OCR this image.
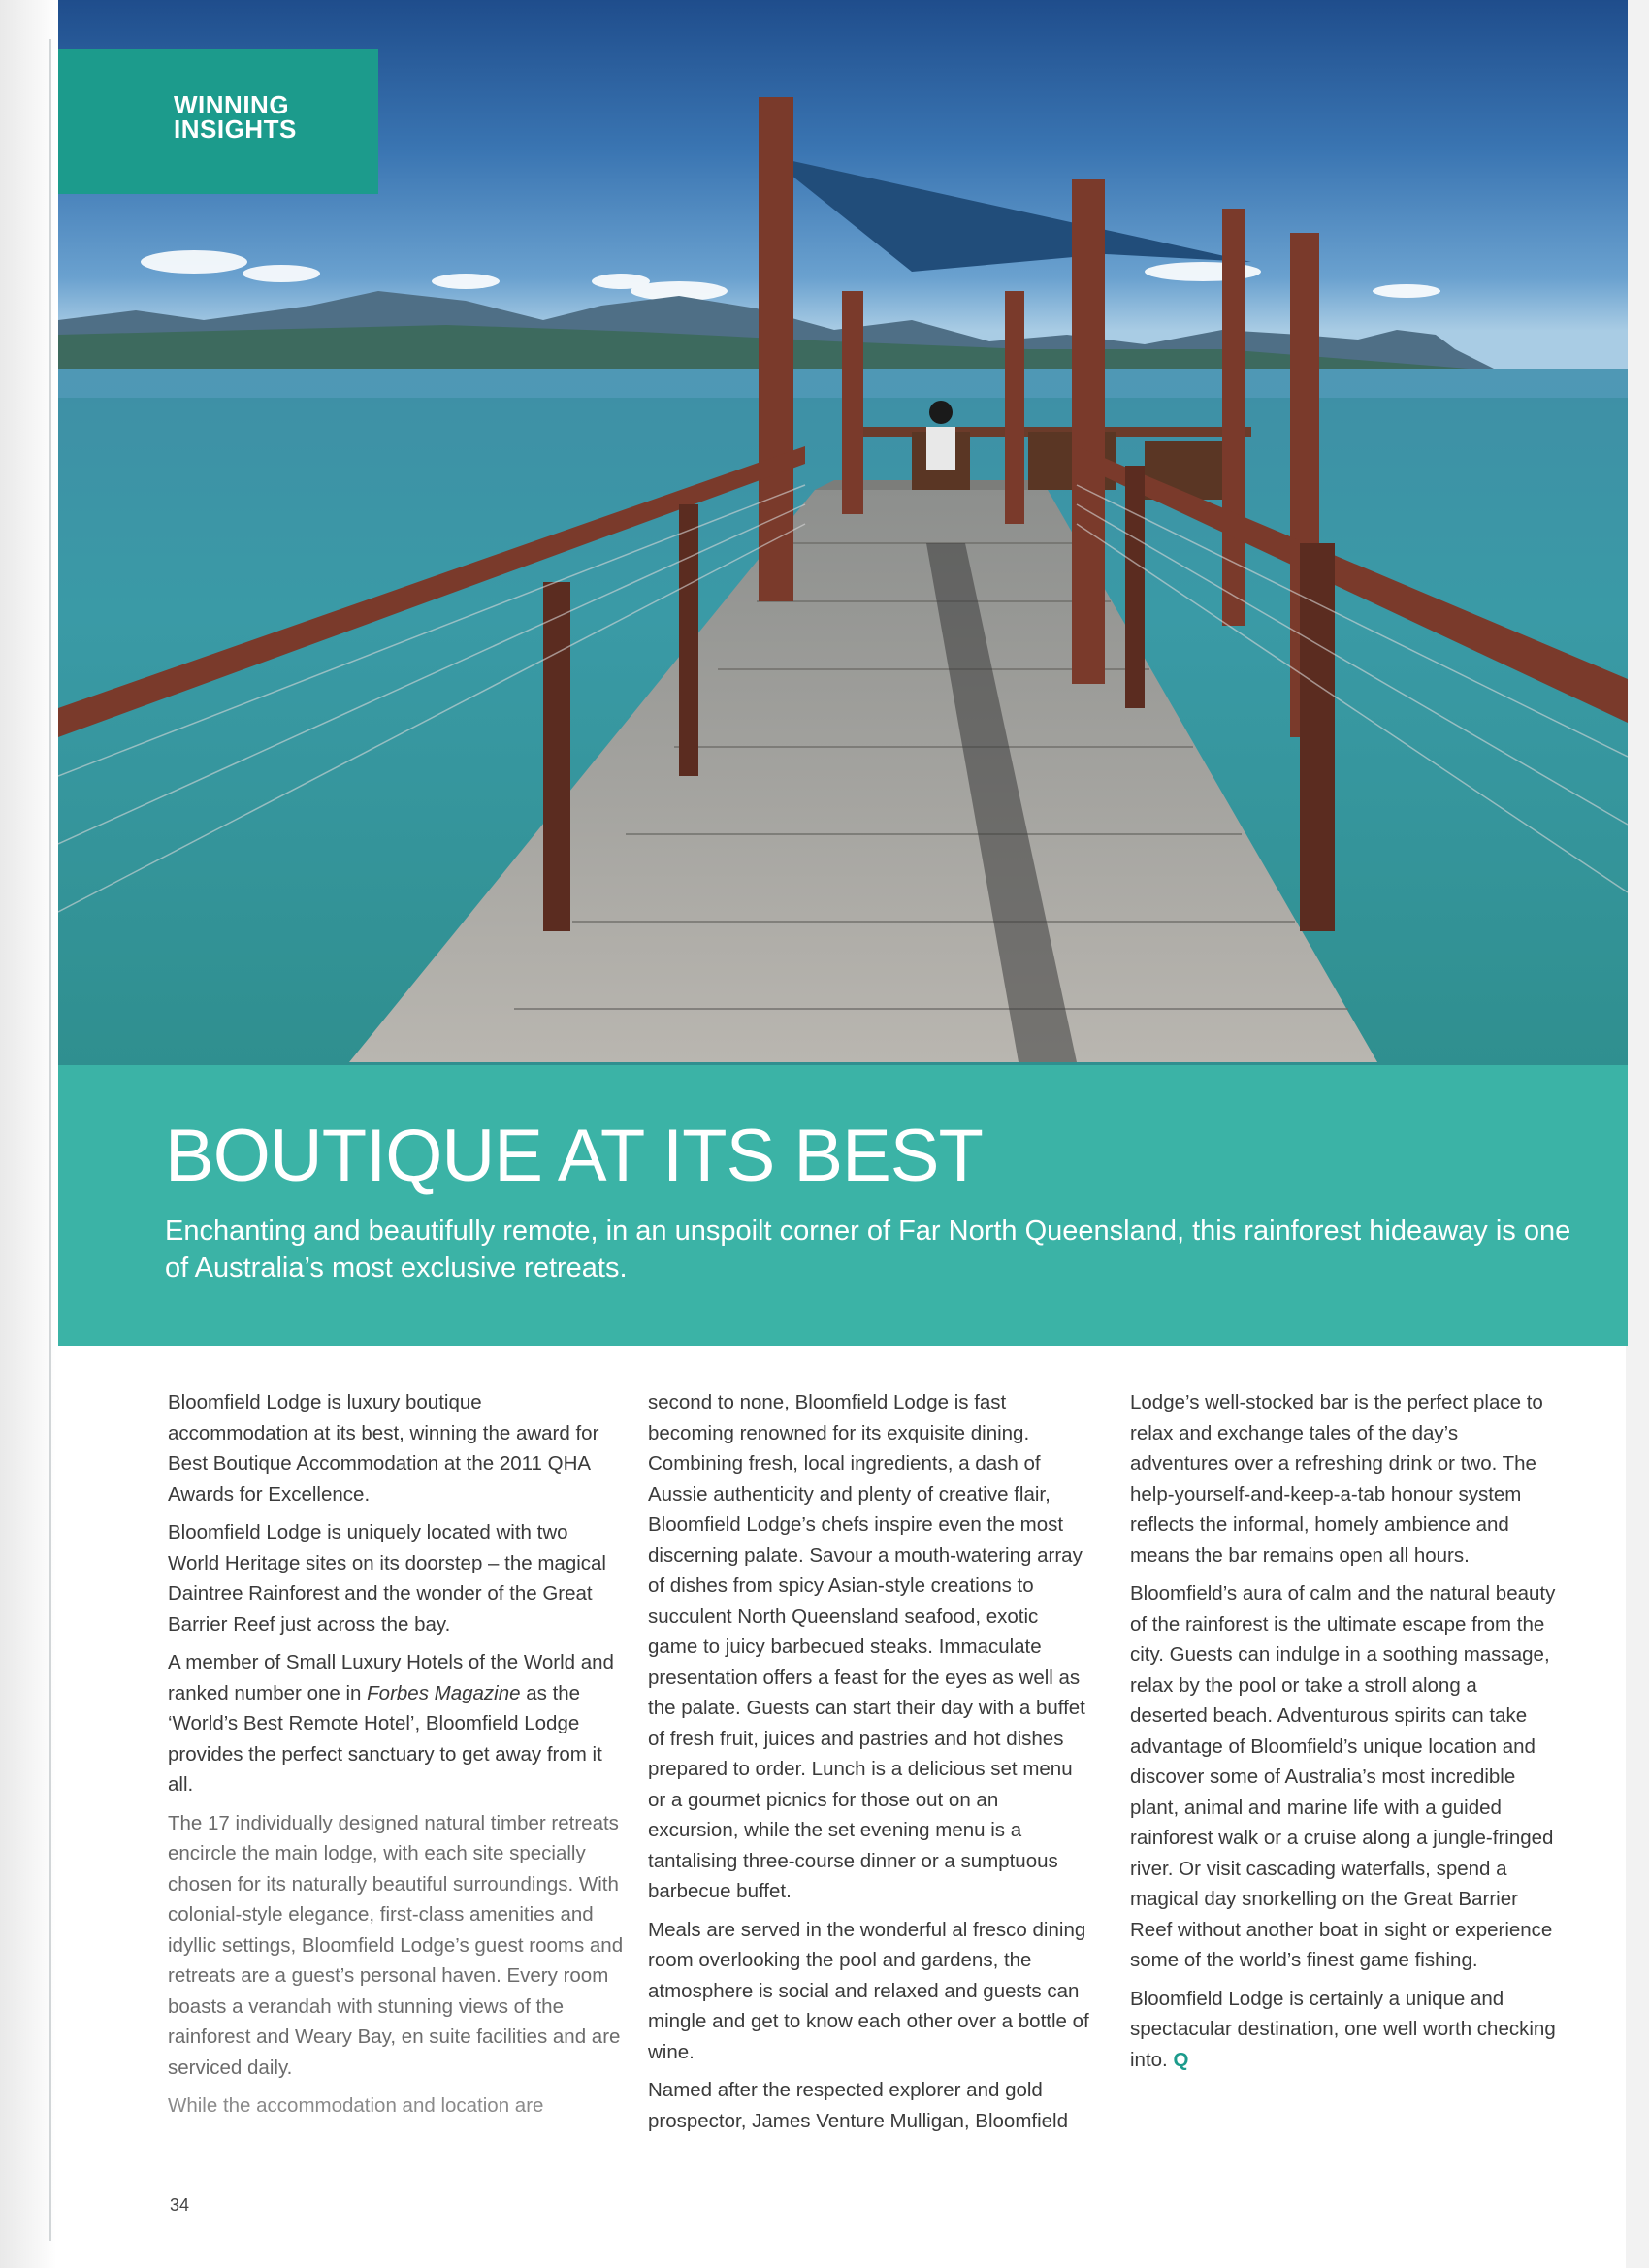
WINNING
INSIGHTS
BOUTIQUE AT ITS BEST

Enchanting and beautifully remote, in an unspoilt corner of Far North Queensland, this rainforest hideaway is one of Australia’s most exclusive retreats.

Bloomfield Lodge is luxury boutique accommodation at its best, winning the award for Best Boutique Accommodation at the 2011 QHA Awards for Excellence.

Bloomfield Lodge is uniquely located with two World Heritage sites on its doorstep – the magical Daintree Rainforest and the wonder of the Great Barrier Reef just across the bay.

A member of Small Luxury Hotels of the World and ranked number one in Forbes Magazine as the ‘World’s Best Remote Hotel’, Bloomfield Lodge provides the perfect sanctuary to get away from it all.

The 17 individually designed natural timber retreats encircle the main lodge, with each site specially chosen for its naturally beautiful surroundings. With colonial-style elegance, first-class amenities and idyllic settings, Bloomfield Lodge’s guest rooms and retreats are a guest’s personal haven. Every room boasts a verandah with stunning views of the rainforest and Weary Bay, en suite facilities and are serviced daily.

While the accommodation and location are

second to none, Bloomfield Lodge is fast becoming renowned for its exquisite dining. Combining fresh, local ingredients, a dash of Aussie authenticity and plenty of creative flair, Bloomfield Lodge’s chefs inspire even the most discerning palate. Savour a mouth-watering array of dishes from spicy Asian-style creations to succulent North Queensland seafood, exotic game to juicy barbecued steaks. Immaculate presentation offers a feast for the eyes as well as the palate. Guests can start their day with a buffet of fresh fruit, juices and pastries and hot dishes prepared to order. Lunch is a delicious set menu or a gourmet picnics for those out on an excursion, while the set evening menu is a tantalising three-course dinner or a sumptuous barbecue buffet.

Meals are served in the wonderful al fresco dining room overlooking the pool and gardens, the atmosphere is social and relaxed and guests can mingle and get to know each other over a bottle of wine.

Named after the respected explorer and gold prospector, James Venture Mulligan, Bloomfield

Lodge’s well-stocked bar is the perfect place to relax and exchange tales of the day’s adventures over a refreshing drink or two. The help-yourself-and-keep-a-tab honour system reflects the informal, homely ambience and means the bar remains open all hours.

Bloomfield’s aura of calm and the natural beauty of the rainforest is the ultimate escape from the city. Guests can indulge in a soothing massage, relax by the pool or take a stroll along a deserted beach. Adventurous spirits can take advantage of Bloomfield’s unique location and discover some of Australia’s most incredible plant, animal and marine life with a guided rainforest walk or a cruise along a jungle-fringed river. Or visit cascading waterfalls, spend a magical day snorkelling on the Great Barrier Reef without another boat in sight or experience some of the world’s finest game fishing.

Bloomfield Lodge is certainly a unique and spectacular destination, one well worth checking into. Q

34
